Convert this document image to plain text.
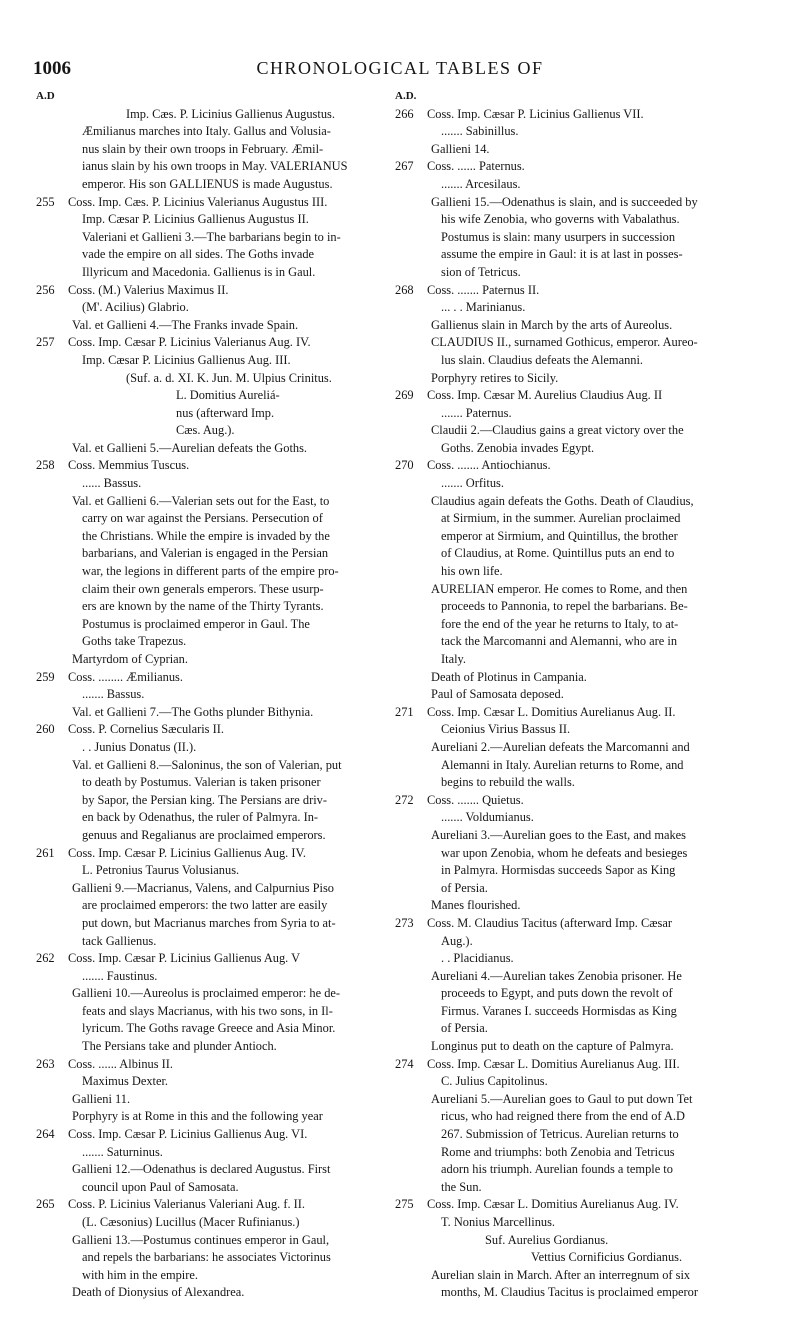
1006	CHRONOLOGICAL TABLES OF
A.D
Imp. Cæs. P. Licinius Gallienus Augustus.
Æmilianus marches into Italy. Gallus and Volusia-
nus slain by their own troops in February. Æmil-
ianus slain by his own troops in May. VALERIANUS
emperor. His son GALLIENUS is made Augustus.
255	Coss. Imp. Cæs. P. Licinius Valerianus Augustus III.
Imp. Cæsar P. Licinius Gallienus Augustus II.
Valeriani et Gallieni 3.—The barbarians begin to in-
vade the empire on all sides. The Goths invade
Illyricum and Macedonia. Gallienus is in Gaul.
256	Coss. (M.) Valerius Maximus II.
(M'. Acilius) Glabrio.
Val. et Gallieni 4.—The Franks invade Spain.
257	Coss. Imp. Cæsar P. Licinius Valerianus Aug. IV.
Imp. Cæsar P. Licinius Gallienus Aug. III.
(Suf. a. d. XI. K. Jun. M. Ulpius Crinitus.
L. Domitius Aureliá-
nus (afterward Imp.
Cæs. Aug.).
Val. et Gallieni 5.—Aurelian defeats the Goths.
258	Coss. Memmius Tuscus.
...... Bassus.
Val. et Gallieni 6.—Valerian sets out for the East, to
carry on war against the Persians. Persecution of
the Christians. While the empire is invaded by the
barbarians, and Valerian is engaged in the Persian
war, the legions in different parts of the empire pro-
claim their own generals emperors. These usurp-
ers are known by the name of the Thirty Tyrants.
Postumus is proclaimed emperor in Gaul. The
Goths take Trapezus.
Martyrdom of Cyprian.
259	Coss. ........ Æmilianus.
....... Bassus.
Val. et Gallieni 7.—The Goths plunder Bithynia.
260	Coss. P. Cornelius Sæcularis II.
. . Junius Donatus (II.).
Val. et Gallieni 8.—Saloninus, the son of Valerian, put
to death by Postumus. Valerian is taken prisoner
by Sapor, the Persian king. The Persians are driv-
en back by Odenathus, the ruler of Palmyra. In-
genuus and Regalianus are proclaimed emperors.
261	Coss. Imp. Cæsar P. Licinius Gallienus Aug. IV.
L. Petronius Taurus Volusianus.
Gallieni 9.—Macrianus, Valens, and Calpurnius Piso
are proclaimed emperors: the two latter are easily
put down, but Macrianus marches from Syria to at-
tack Gallienus.
262	Coss. Imp. Cæsar P. Licinius Gallienus Aug. V
....... Faustinus.
Gallieni 10.—Aureolus is proclaimed emperor: he de-
feats and slays Macrianus, with his two sons, in Il-
lyricum. The Goths ravage Greece and Asia Minor.
The Persians take and plunder Antioch.
263	Coss. ...... Albinus II.
Maximus Dexter.
Gallieni 11.
Porphyry is at Rome in this and the following year
264	Coss. Imp. Cæsar P. Licinius Gallienus Aug. VI.
....... Saturninus.
Gallieni 12.—Odenathus is declared Augustus. First
council upon Paul of Samosata.
265	Coss. P. Licinius Valerianus Valeriani Aug. f. II.
(L. Cæsonius) Lucillus (Macer Rufinianus.)
Gallieni 13.—Postumus continues emperor in Gaul,
and repels the barbarians: he associates Victorinus
with him in the empire.
Death of Dionysius of Alexandrea.
A.D.
266	Coss. Imp. Cæsar P. Licinius Gallienus VII.
....... Sabinillus.
Gallieni 14.
267	Coss. ...... Paternus.
....... Arcesilaus.
Gallieni 15.—Odenathus is slain, and is succeeded by
his wife Zenobia, who governs with Vabalathus.
Postumus is slain: many usurpers in succession
assume the empire in Gaul: it is at last in posses-
sion of Tetricus.
268	Coss. ....... Paternus II.
... . . Marinianus.
Gallienus slain in March by the arts of Aureolus.
CLAUDIUS II., surnamed Gothicus, emperor. Aureo-
lus slain. Claudius defeats the Alemanni.
Porphyry retires to Sicily.
269	Coss. Imp. Cæsar M. Aurelius Claudius Aug. II
....... Paternus.
Claudii 2.—Claudius gains a great victory over the
Goths. Zenobia invades Egypt.
270	Coss. ....... Antiochianus.
....... Orfitus.
Claudius again defeats the Goths. Death of Claudius,
at Sirmium, in the summer. Aurelian proclaimed
emperor at Sirmium, and Quintillus, the brother
of Claudius, at Rome. Quintillus puts an end to
his own life.
AURELIAN emperor. He comes to Rome, and then
proceeds to Pannonia, to repel the barbarians. Be-
fore the end of the year he returns to Italy, to at-
tack the Marcomanni and Alemanni, who are in
Italy.
Death of Plotinus in Campania.
Paul of Samosata deposed.
271	Coss. Imp. Cæsar L. Domitius Aurelianus Aug. II.
Ceionius Virius Bassus II.
Aureliani 2.—Aurelian defeats the Marcomanni and
Alemanni in Italy. Aurelian returns to Rome, and
begins to rebuild the walls.
272	Coss. ....... Quietus.
....... Voldumianus.
Aureliani 3.—Aurelian goes to the East, and makes
war upon Zenobia, whom he defeats and besieges
in Palmyra. Hormisdas succeeds Sapor as King
of Persia.
Manes flourished.
273	Coss. M. Claudius Tacitus (afterward Imp. Cæsar
Aug.).
. . Placidianus.
Aureliani 4.—Aurelian takes Zenobia prisoner. He
proceeds to Egypt, and puts down the revolt of
Firmus. Varanes I. succeeds Hormisdas as King
of Persia.
Longinus put to death on the capture of Palmyra.
274	Coss. Imp. Cæsar L. Domitius Aurelianus Aug. III.
C. Julius Capitolinus.
Aureliani 5.—Aurelian goes to Gaul to put down Tet
ricus, who had reigned there from the end of A.D
267. Submission of Tetricus. Aurelian returns to
Rome and triumphs: both Zenobia and Tetricus
adorn his triumph. Aurelian founds a temple to
the Sun.
275	Coss. Imp. Cæsar L. Domitius Aurelianus Aug. IV.
T. Nonius Marcellinus.
Suf. Aurelius Gordianus.
Vettius Cornificius Gordianus.
Aurelian slain in March. After an interregnum of six
months, M. Claudius Tacitus is proclaimed emperor
